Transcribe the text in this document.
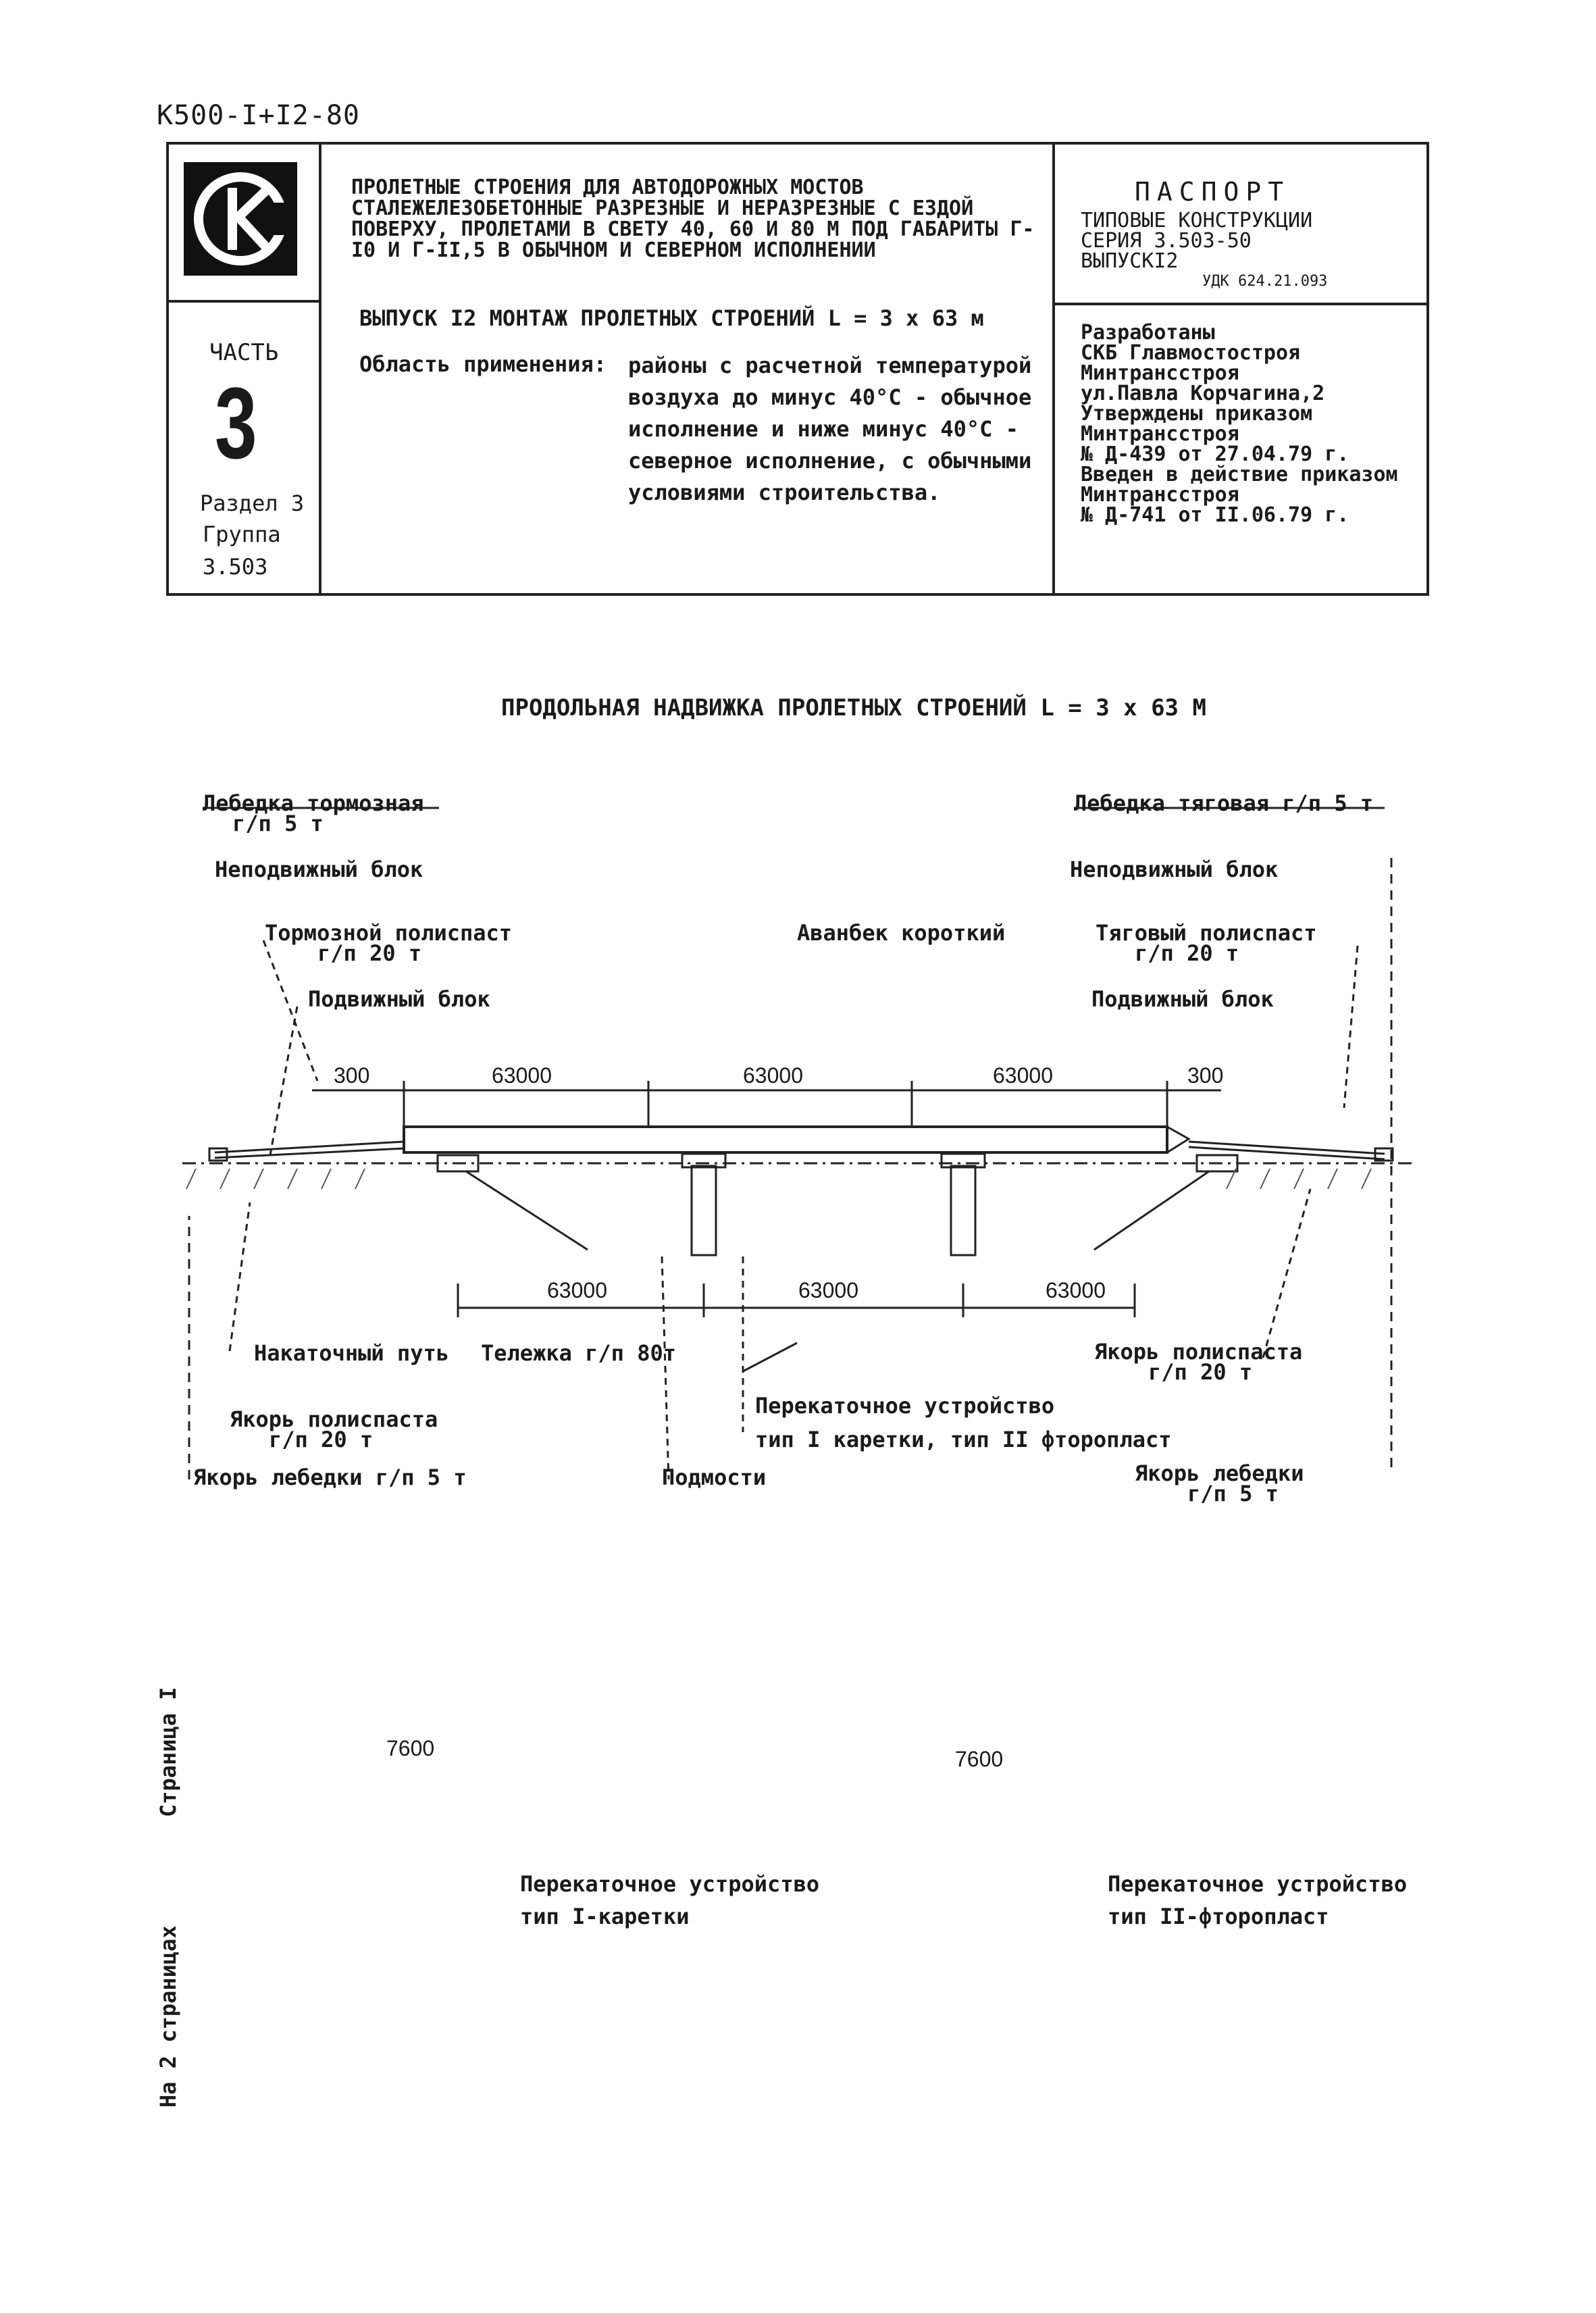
К500-I+I2-80
ПРОЛЕТНЫЕ СТРОЕНИЯ ДЛЯ АВТОДОРОЖНЫХ МОСТОВ СТАЛЕЖЕЛЕЗОБЕТОННЫЕ РАЗРЕЗНЫЕ И НЕРАЗРЕЗНЫЕ С ЕЗДОЙ ПОВЕРХУ, ПРОЛЕТАМИ В СВЕТУ 40, 60 И 80 М ПОД ГАБАРИТЫ Г-I0 И Г-II,5 В ОБЫЧНОМ И СЕВЕРНОМ ИСПОЛНЕНИИ
ЧАСТЬ
3
Раздел 3
Группа
3.503
ВЫПУСК I2 МОНТАЖ ПРОЛЕТНЫХ СТРОЕНИЙ L = 3 х 63 м
Область применения: районы с расчетной температурой воздуха до минус 40°С - обычное исполнение и ниже минус 40°С - северное исполнение, с обычными условиями строительства.
ПАСПОРТ
ТИПОВЫЕ КОНСТРУКЦИИ
СЕРИЯ 3.503-50
ВЫПУСКI2
УДК 624.21.093
Разработаны
СКБ Главмостостроя
Минтрансстроя
ул.Павла Корчагина,2
Утверждены приказом
Минтрансстроя
№ Д-439 от 27.04.79 г.
Введен в действие приказом
Минтрансстроя
№ Д-741 от II.06.79 г.
ПРОДОЛЬНАЯ НАДВИЖКА ПРОЛЕТНЫХ СТРОЕНИЙ L = 3 х 63 М
Лебедка тормозная
г/п 5 т
Неподвижный блок
Тормозной полиспаст
г/п 20 т
Подвижный блок
Аванбек короткий
Лебедка тяговая г/п 5 т
Неподвижный блок
Тяговый полиспаст
г/п 20 т
Подвижный блок
300	63000	63000	63000	300
63000	63000	63000
Накаточный путь Тележка г/п 80т	Якорь полиспаста
г/п 20 т
Перекаточное устройство
тип I каретки, тип II фторопласт
Якорь полиспаста
г/п 20 т
Якорь лебедки г/п 5 т	Подмости	Якорь лебедки
г/п 5 т
7600	7600
Перекаточное устройство
тип I-каретки
Перекаточное устройство
тип II-фторопласт
Страница I
На 2 страницах
